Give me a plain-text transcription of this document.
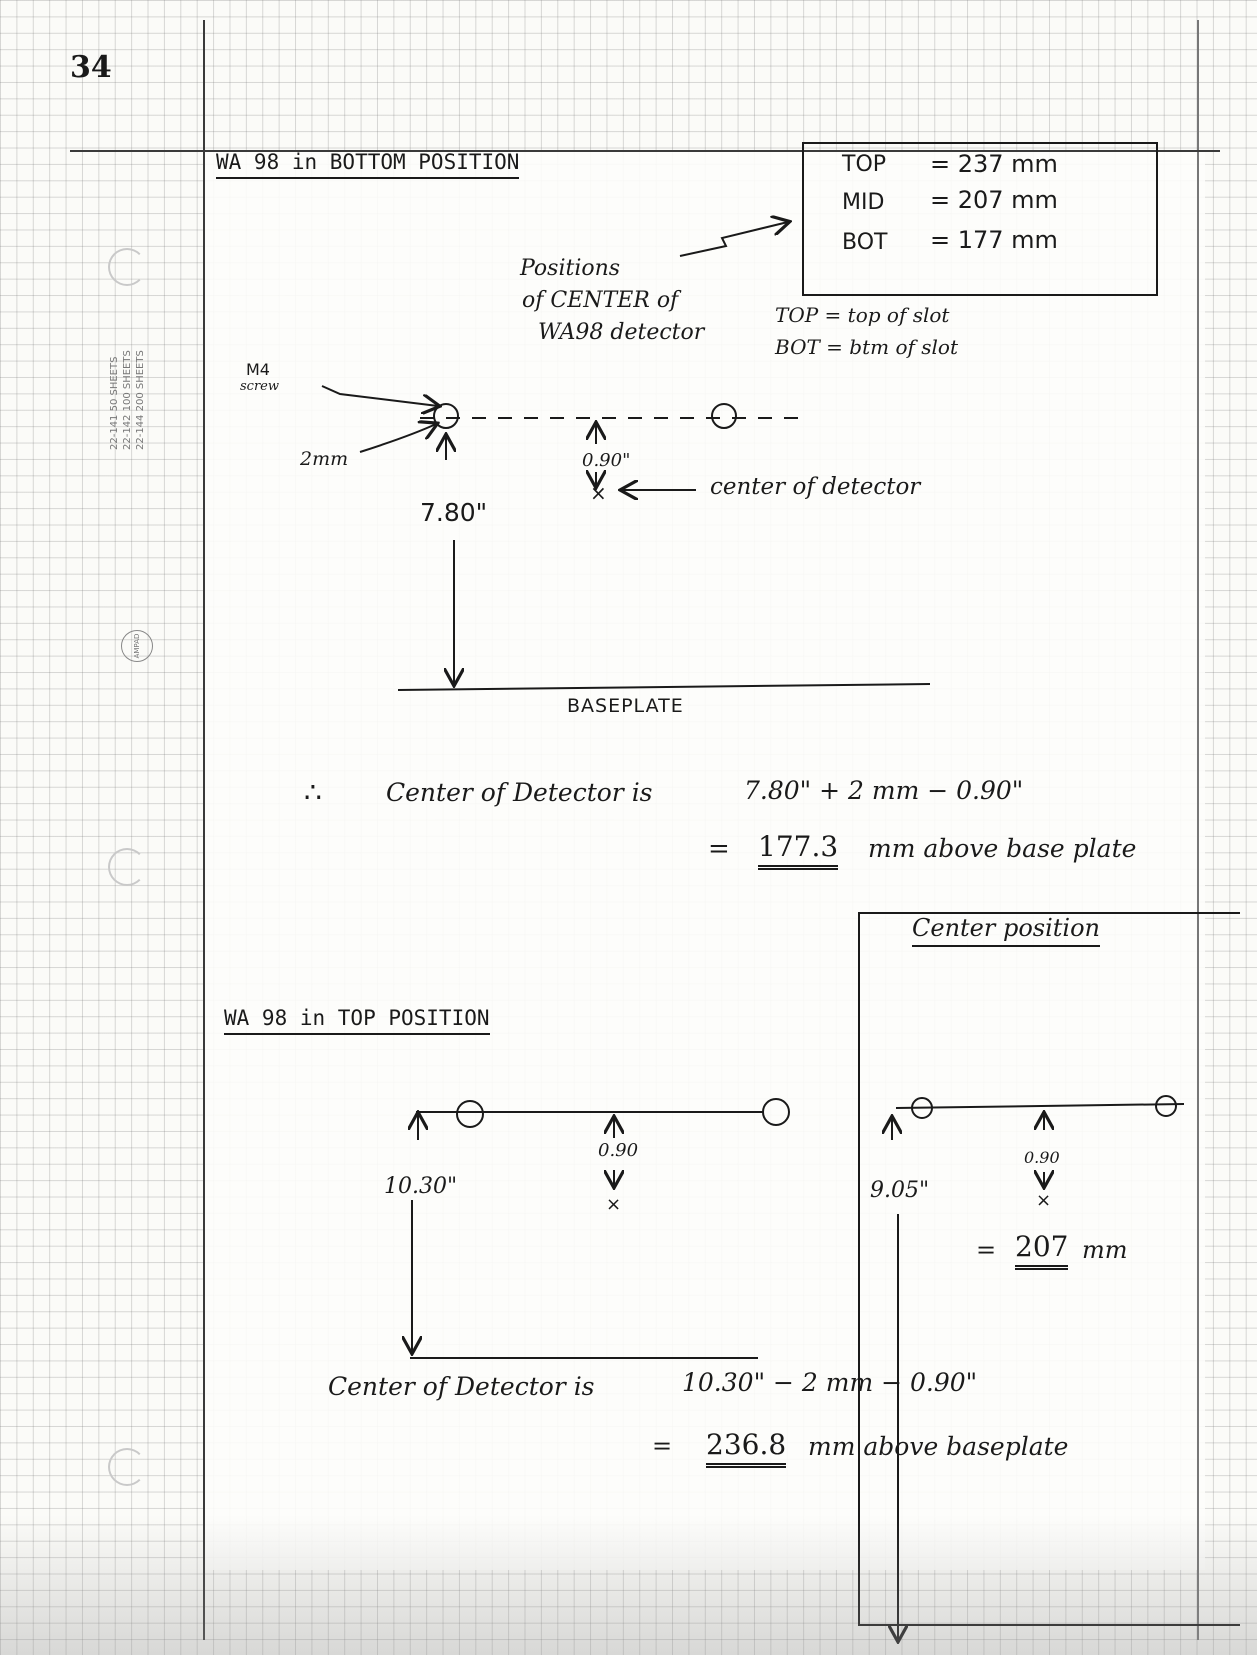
34
22-141 50 SHEETS 22-142 100 SHEETS 22-144 200 SHEETS
AMPAD
WA 98 in BOTTOM POSITION	TOP = 237 mm
MID = 207 mm
BOT = 177 mm
Positions
of CENTER of
WA98 detector
TOP = top of slot
BOT = btm of slot
M4
screw
2mm	0.90"
center of detector
7.80"
BASEPLATE
∴	Center of Detector is	7.80" + 2 mm − 0.90"
= 177.3 mm above base plate
Center position
0.90
9.05"
= 207 mm
WA 98 in TOP POSITION
0.90
10.30"
Center of Detector is	10.30" − 2 mm − 0.90"
= 236.8 mm above baseplate
×
×	×
